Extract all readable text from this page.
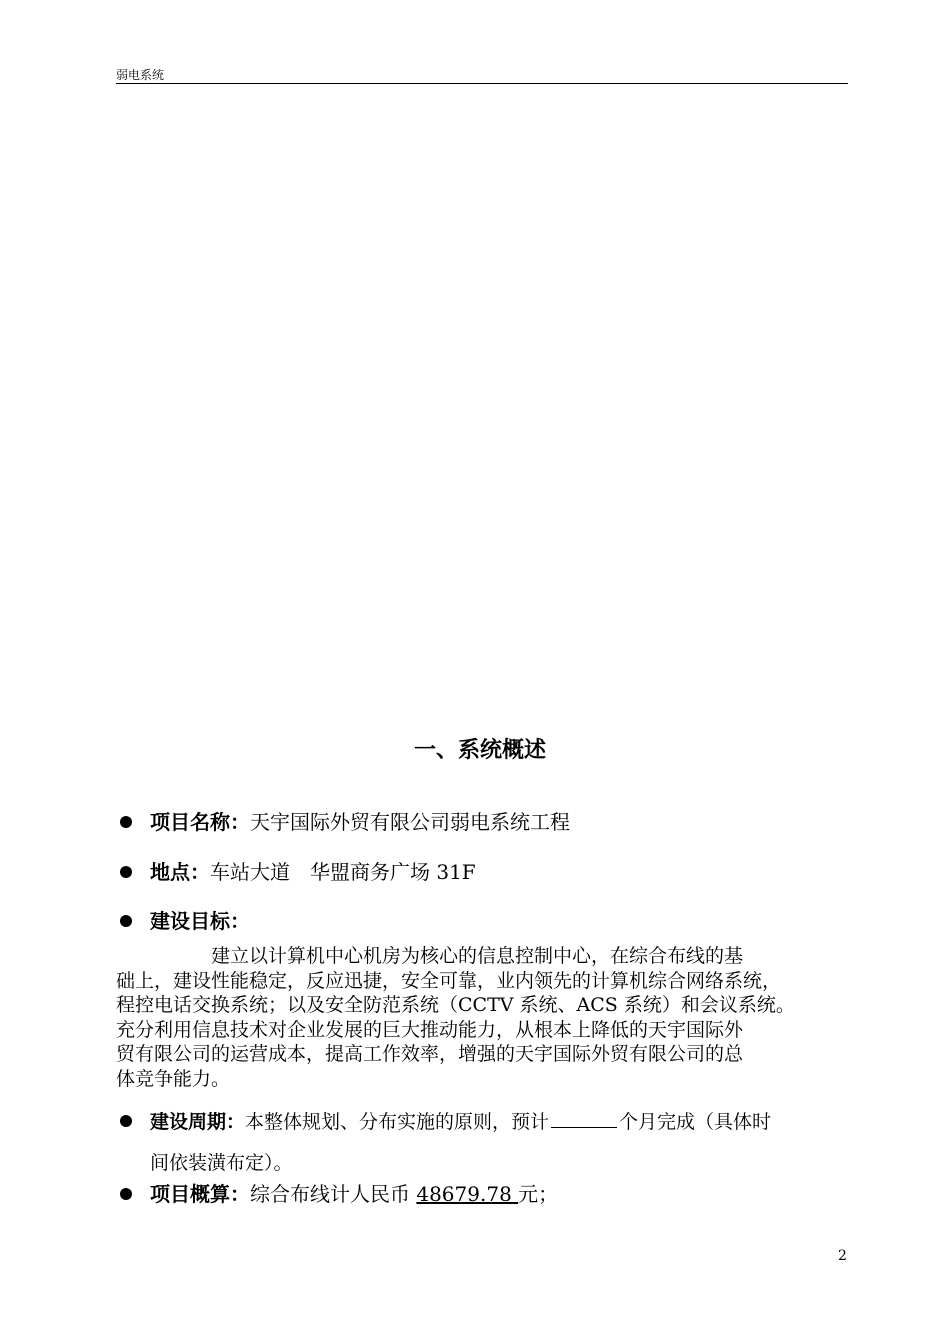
弱电系统
一、系统概述
项目名称：天宇国际外贸有限公司弱电系统工程
地点：车站大道　华盟商务广场 31F
建设目标：
　　　　　建立以计算机中心机房为核心的信息控制中心，在综合布线的基
础上，建设性能稳定，反应迅捷，安全可靠，业内领先的计算机综合网络系统，
程控电话交换系统；以及安全防范系统（CCTV 系统、ACS 系统）和会议系统。
充分利用信息技术对企业发展的巨大推动能力，从根本上降低的天宇国际外
贸有限公司的运营成本，提高工作效率，增强的天宇国际外贸有限公司的总
体竞争能力。
建设周期：本整体规划、分布实施的原则，预计	个月完成（具体时
间依装潢布定）。
项目概算：综合布线计人民币 48679.78 元；
2
